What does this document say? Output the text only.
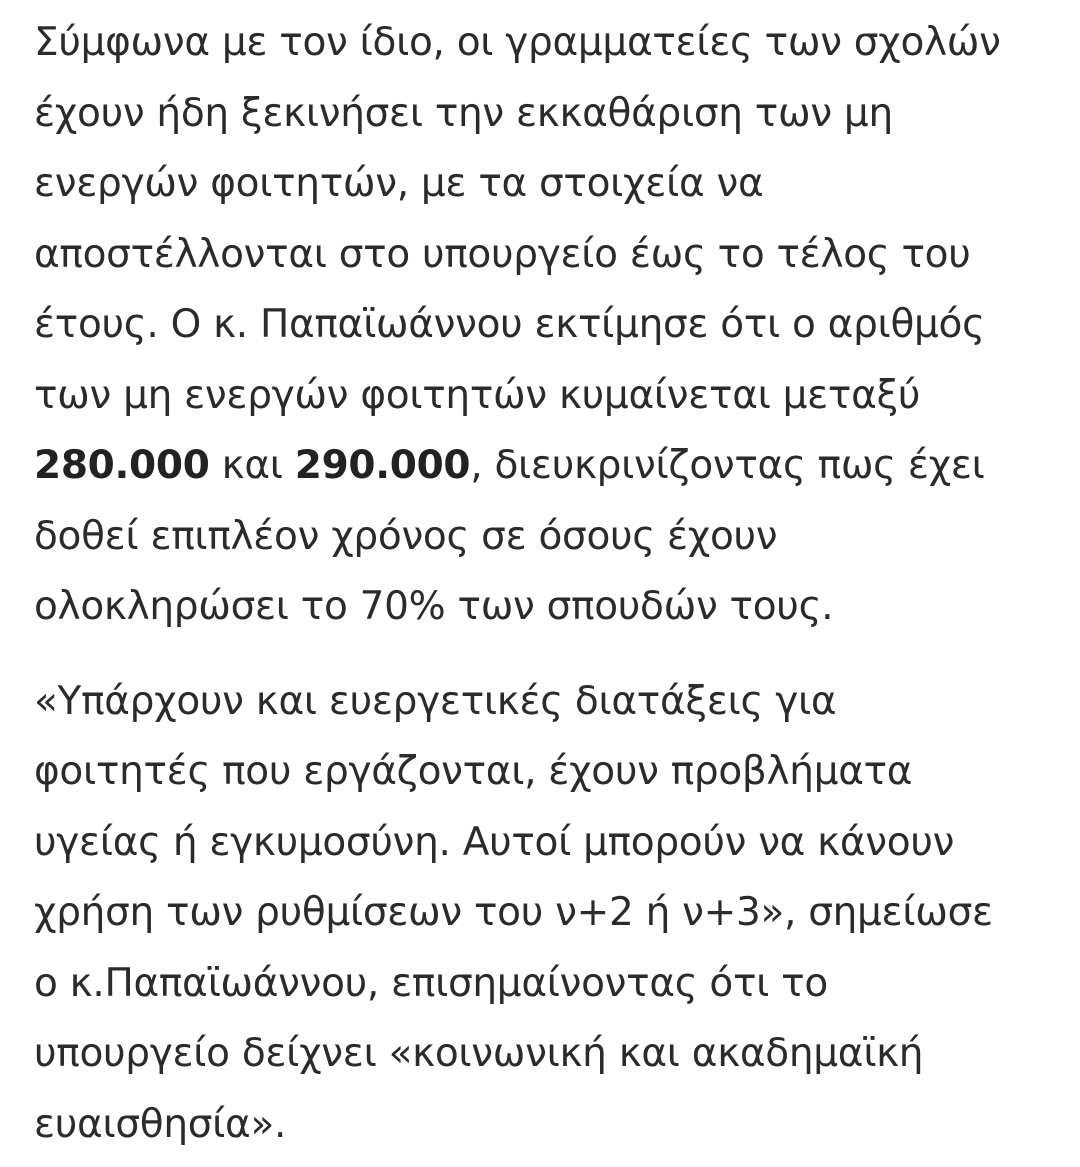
Σύμφωνα με τον ίδιο, οι γραμματείες των σχολών
έχουν ήδη ξεκινήσει την εκκαθάριση των μη
ενεργών φοιτητών, με τα στοιχεία να
αποστέλλονται στο υπουργείο έως το τέλος του
έτους. Ο κ. Παπαϊωάννου εκτίμησε ότι ο αριθμός
των μη ενεργών φοιτητών κυμαίνεται μεταξύ
280.000 και 290.000, διευκρινίζοντας πως έχει
δοθεί επιπλέον χρόνος σε όσους έχουν
ολοκληρώσει το 70% των σπουδών τους.

«Υπάρχουν και ευεργετικές διατάξεις για
φοιτητές που εργάζονται, έχουν προβλήματα
υγείας ή εγκυμοσύνη. Αυτοί μπορούν να κάνουν
χρήση των ρυθμίσεων του ν+2 ή ν+3», σημείωσε
ο κ.Παπαϊωάννου, επισημαίνοντας ότι το
υπουργείο δείχνει «κοινωνική και ακαδημαϊκή
ευαισθησία».
